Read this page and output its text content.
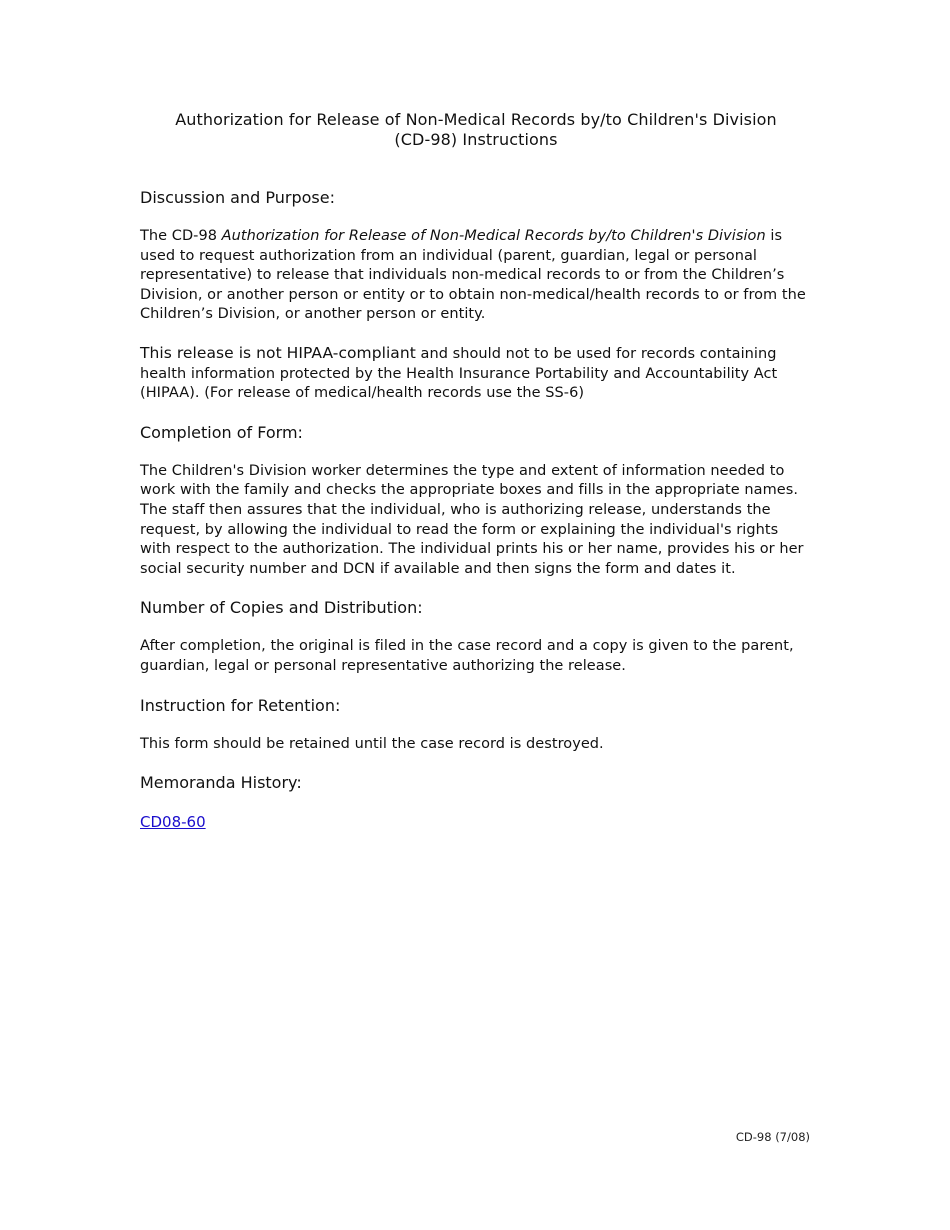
Authorization for Release of Non-Medical Records by/to Children's Division
(CD-98) Instructions
Discussion and Purpose:
The CD-98 Authorization for Release of Non-Medical Records by/to Children's Division is used to request authorization from an individual (parent, guardian, legal or personal representative) to release that individuals non-medical records to or from the Children’s Division, or another person or entity or to obtain non-medical/health records to or from the Children’s Division, or another person or entity.
This release is not HIPAA-compliant and should not to be used for records containing health information protected by the Health Insurance Portability and Accountability Act (HIPAA). (For release of medical/health records use the SS-6)
Completion of Form:
The Children's Division worker determines the type and extent of information needed to work with the family and checks the appropriate boxes and fills in the appropriate names. The staff then assures that the individual, who is authorizing release, understands the request, by allowing the individual to read the form or explaining the individual's rights with respect to the authorization. The individual prints his or her name, provides his or her social security number and DCN if available and then signs the form and dates it.
Number of Copies and Distribution:
After completion, the original is filed in the case record and a copy is given to the parent, guardian, legal or personal representative authorizing the release.
Instruction for Retention:
This form should be retained until the case record is destroyed.
Memoranda History:
CD08-60
CD-98 (7/08)
